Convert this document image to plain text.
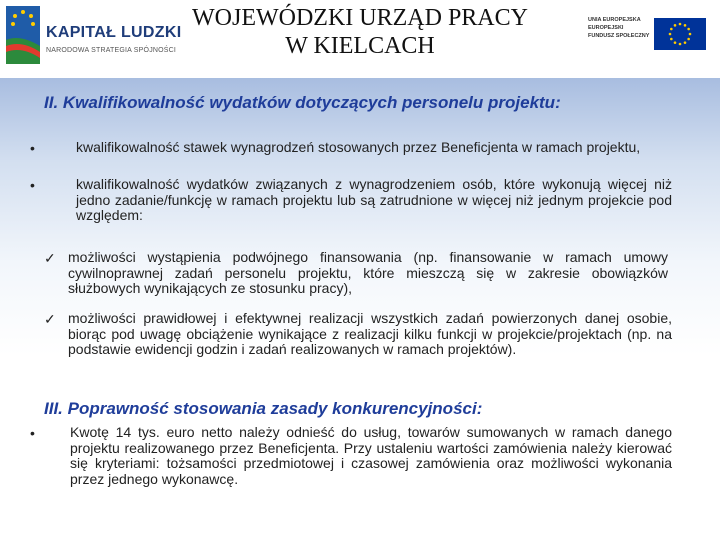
KAPITAŁ LUDZKI
NARODOWA STRATEGIA SPÓJNOŚCI
WOJEWÓDZKI URZĄD PRACY
W KIELCACH
UNIA EUROPEJSKA
EUROPEJSKI
FUNDUSZ SPOŁECZNY
II. Kwalifikowalność wydatków dotyczących personelu projektu:
•	kwalifikowalność stawek wynagrodzeń stosowanych przez Beneficjenta w ramach projektu,

•	kwalifikowalność wydatków związanych z wynagrodzeniem osób, które wykonują więcej niż jedno zadanie/funkcję w ramach projektu lub są zatrudnione w więcej niż jednym projekcie pod względem:

✓ możliwości wystąpienia podwójnego finansowania (np. finansowanie w ramach umowy cywilnoprawnej zadań personelu projektu, które mieszczą się w zakresie obowiązków służbowych wynikających ze stosunku pracy),

✓ możliwości prawidłowej i efektywnej realizacji wszystkich zadań powierzonych danej osobie, biorąc pod uwagę obciążenie wynikające z realizacji kilku funkcji w projekcie/projektach (np. na podstawie ewidencji godzin i zadań realizowanych w ramach projektów).

III. Poprawność stosowania zasady konkurencyjności:
•	Kwotę 14 tys. euro netto należy odnieść do usług, towarów sumowanych w ramach danego projektu realizowanego przez Beneficjenta. Przy ustaleniu wartości zamówienia należy kierować się kryteriami: tożsamości przedmiotowej i czasowej zamówienia oraz możliwości wykonania przez jednego wykonawcę.
